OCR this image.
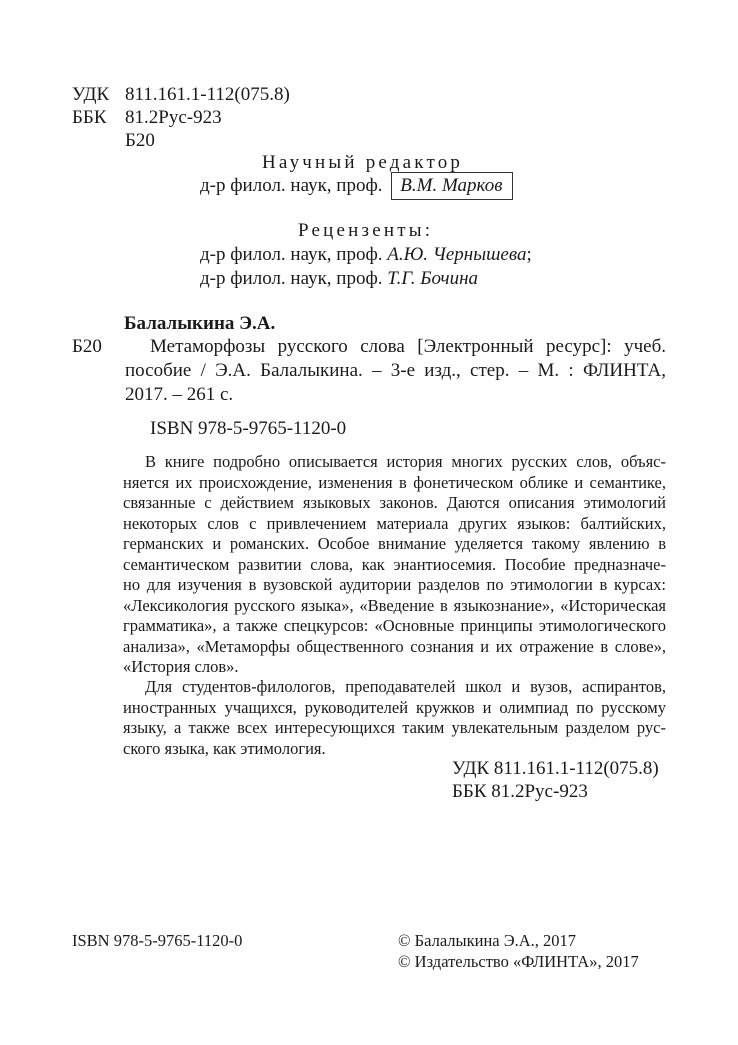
УДК 811.161.1-112(075.8)
ББК 81.2Рус-923
Б20
Научный редактор
д-р филол. наук, проф. В.М. Марков
Рецензенты:
д-р филол. наук, проф. А.Ю. Чернышева;
д-р филол. наук, проф. Т.Г. Бочина
Балалыкина Э.А.
Б20	Метаморфозы русского слова [Электронный ресурс]: учеб.
пособие / Э.А. Балалыкина. – 3-е изд., стер. – М. : ФЛИНТА,
2017. – 261 с.
ISBN 978-5-9765-1120-0
В книге подробно описывается история многих русских слов, объяс-
няется их происхождение, изменения в фонетическом облике и семантике,
связанные с действием языковых законов. Даются описания этимологий
некоторых слов с привлечением материала других языков: балтийских,
германских и романских. Особое внимание уделяется такому явлению в
семантическом развитии слова, как энантиосемия. Пособие предназначе-
но для изучения в вузовской аудитории разделов по этимологии в курсах:
«Лексикология русского языка», «Введение в языкознание», «Историческая
грамматика», а также спецкурсов: «Основные принципы этимологического
анализа», «Метаморфы общественного сознания и их отражение в слове»,
«История слов».
Для студентов-филологов, преподавателей школ и вузов, аспирантов,
иностранных учащихся, руководителей кружков и олимпиад по русскому
языку, а также всех интересующихся таким увлекательным разделом рус-
ского языка, как этимология.
УДК 811.161.1-112(075.8)
ББК 81.2Рус-923
ISBN 978-5-9765-1120-0	© Балалыкина Э.А., 2017
© Издательство «ФЛИНТА», 2017
